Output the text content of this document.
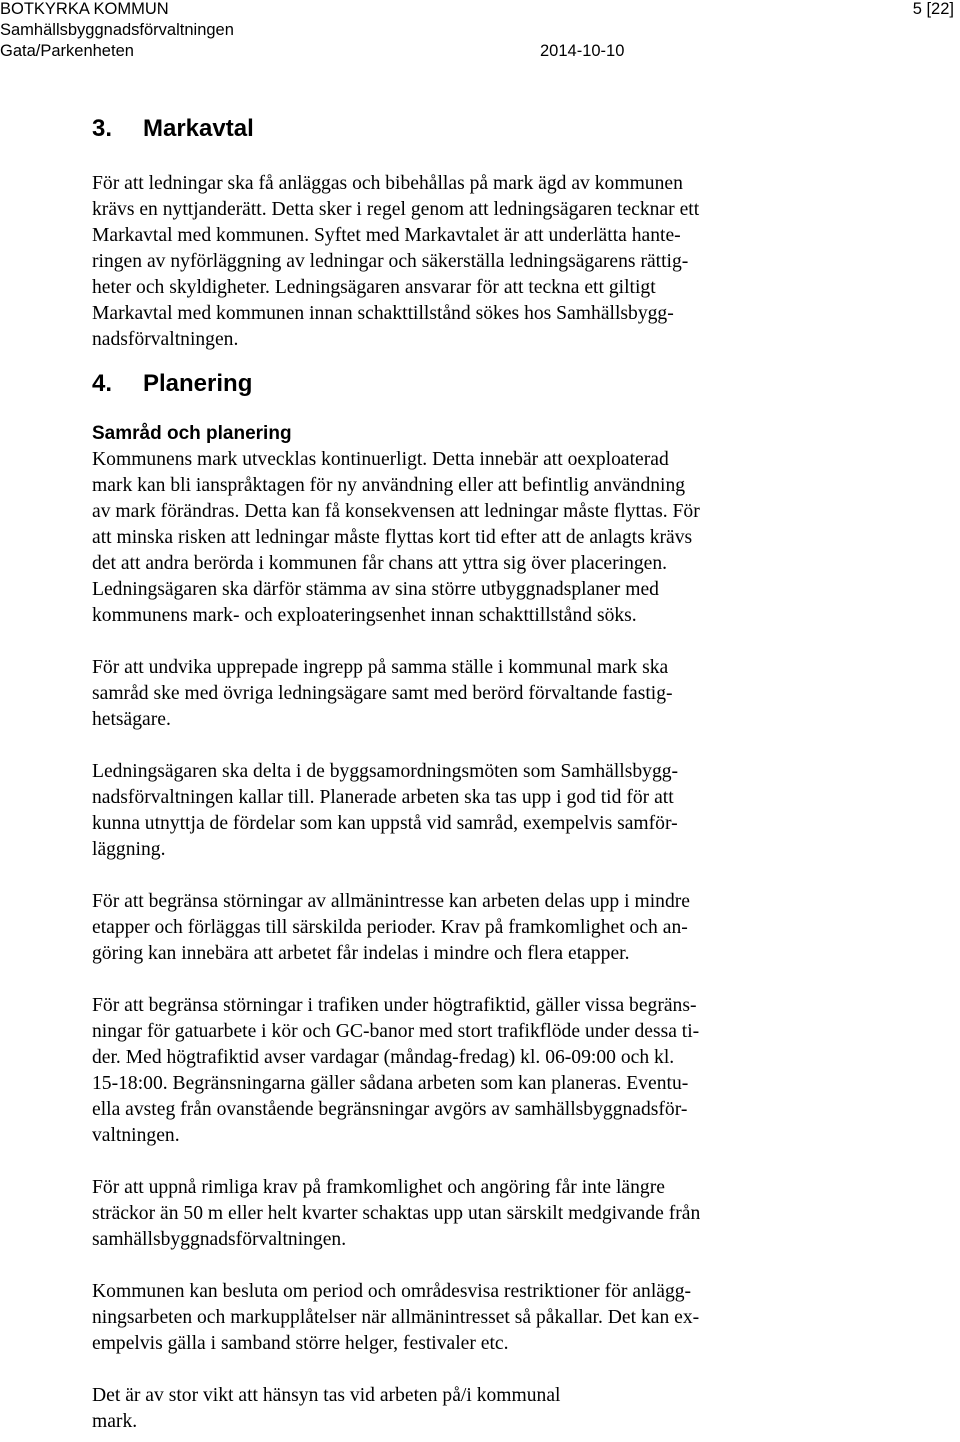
BOTKYRKA KOMMUN
Samhällsbyggnadsförvaltningen
Gata/Parkenheten	2014-10-10
5 [22]
3.	Markavtal
För att ledningar ska få anläggas och bibehållas på mark ägd av kommunen
krävs en nyttjanderätt. Detta sker i regel genom att ledningsägaren tecknar ett
Markavtal med kommunen. Syftet med Markavtalet är att underlätta hante-
ringen av nyförläggning av ledningar och säkerställa ledningsägarens rättig-
heter och skyldigheter. Ledningsägaren ansvarar för att teckna ett giltigt
Markavtal med kommunen innan schakttillstånd sökes hos Samhällsbygg-
nadsförvaltningen.
4.	Planering
Samråd och planering
Kommunens mark utvecklas kontinuerligt. Detta innebär att oexploaterad
mark kan bli ianspråktagen för ny användning eller att befintlig användning
av mark förändras. Detta kan få konsekvensen att ledningar måste flyttas. För
att minska risken att ledningar måste flyttas kort tid efter att de anlagts krävs
det att andra berörda i kommunen får chans att yttra sig över placeringen.
Ledningsägaren ska därför stämma av sina större utbyggnadsplaner med
kommunens mark- och exploateringsenhet innan schakttillstånd söks.
För att undvika upprepade ingrepp på samma ställe i kommunal mark ska
samråd ske med övriga ledningsägare samt med berörd förvaltande fastig-
hetsägare.
Ledningsägaren ska delta i de byggsamordningsmöten som Samhällsbygg-
nadsförvaltningen kallar till. Planerade arbeten ska tas upp i god tid för att
kunna utnyttja de fördelar som kan uppstå vid samråd, exempelvis samför-
läggning.
För att begränsa störningar av allmänintresse kan arbeten delas upp i mindre
etapper och förläggas till särskilda perioder. Krav på framkomlighet och an-
göring kan innebära att arbetet får indelas i mindre och flera etapper.
För att begränsa störningar i trafiken under högtrafiktid, gäller vissa begräns-
ningar för gatuarbete i kör och GC-banor med stort trafikflöde under dessa ti-
der. Med högtrafiktid avser vardagar (måndag-fredag) kl. 06-09:00 och kl.
15-18:00. Begränsningarna gäller sådana arbeten som kan planeras. Eventu-
ella avsteg från ovanstående begränsningar avgörs av samhällsbyggnadsför-
valtningen.
För att uppnå rimliga krav på framkomlighet och angöring får inte längre
sträckor än 50 m eller helt kvarter schaktas upp utan särskilt medgivande från
samhällsbyggnadsförvaltningen.
Kommunen kan besluta om period och områdesvisa restriktioner för anlägg-
ningsarbeten och markupplåtelser när allmänintresset så påkallar. Det kan ex-
empelvis gälla i samband större helger, festivaler etc.
Det är av stor vikt att hänsyn tas vid arbeten på/i kommunal
mark.
